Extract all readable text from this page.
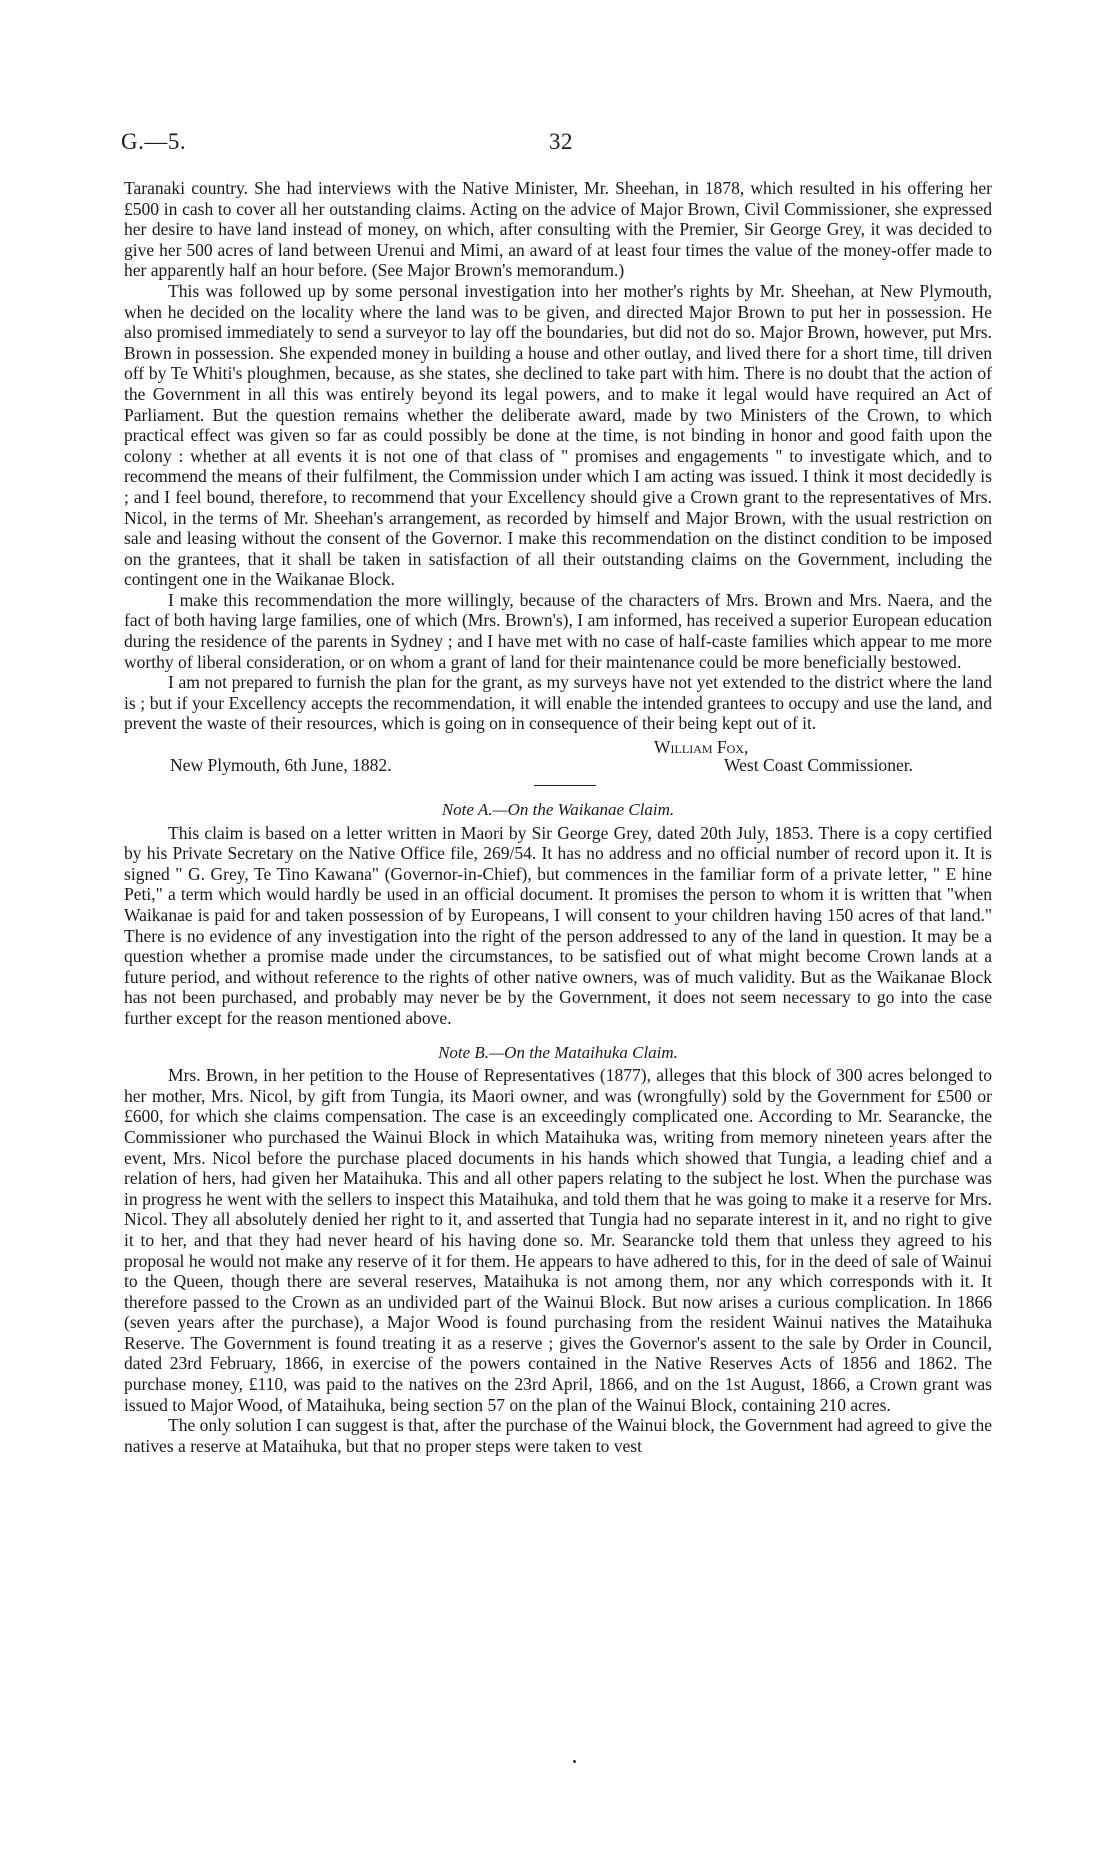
G.—5.	32

Taranaki country. She had interviews with the Native Minister, Mr. Sheehan, in 1878, which resulted in his offering her £500 in cash to cover all her outstanding claims. Acting on the advice of Major Brown, Civil Commissioner, she expressed her desire to have land instead of money, on which, after consulting with the Premier, Sir George Grey, it was decided to give her 500 acres of land between Urenui and Mimi, an award of at least four times the value of the money-offer made to her apparently half an hour before. (See Major Brown's memorandum.)

This was followed up by some personal investigation into her mother's rights by Mr. Sheehan, at New Plymouth, when he decided on the locality where the land was to be given, and directed Major Brown to put her in possession. He also promised immediately to send a surveyor to lay off the boundaries, but did not do so. Major Brown, however, put Mrs. Brown in possession. She expended money in building a house and other outlay, and lived there for a short time, till driven off by Te Whiti's ploughmen, because, as she states, she declined to take part with him. There is no doubt that the action of the Government in all this was entirely beyond its legal powers, and to make it legal would have required an Act of Parliament. But the question remains whether the deliberate award, made by two Ministers of the Crown, to which practical effect was given so far as could possibly be done at the time, is not binding in honor and good faith upon the colony : whether at all events it is not one of that class of " promises and engagements " to investigate which, and to recommend the means of their fulfilment, the Commission under which I am acting was issued. I think it most decidedly is ; and I feel bound, therefore, to recommend that your Excellency should give a Crown grant to the representatives of Mrs. Nicol, in the terms of Mr. Sheehan's arrangement, as recorded by himself and Major Brown, with the usual restriction on sale and leasing without the consent of the Governor. I make this recommendation on the distinct condition to be imposed on the grantees, that it shall be taken in satisfaction of all their outstanding claims on the Government, including the contingent one in the Waikanae Block.

I make this recommendation the more willingly, because of the characters of Mrs. Brown and Mrs. Naera, and the fact of both having large families, one of which (Mrs. Brown's), I am informed, has received a superior European education during the residence of the parents in Sydney ; and I have met with no case of half-caste families which appear to me more worthy of liberal consideration, or on whom a grant of land for their maintenance could be more beneficially bestowed.

I am not prepared to furnish the plan for the grant, as my surveys have not yet extended to the district where the land is ; but if your Excellency accepts the recommendation, it will enable the intended grantees to occupy and use the land, and prevent the waste of their resources, which is going on in consequence of their being kept out of it.

William Fox,
New Plymouth, 6th June, 1882.	West Coast Commissioner.
Note A.—On the Waikanae Claim.

This claim is based on a letter written in Maori by Sir George Grey, dated 20th July, 1853. There is a copy certified by his Private Secretary on the Native Office file, 269/54. It has no address and no official number of record upon it. It is signed " G. Grey, Te Tino Kawana" (Governor-in-Chief), but commences in the familiar form of a private letter, " E hine Peti," a term which would hardly be used in an official document. It promises the person to whom it is written that "when Waikanae is paid for and taken possession of by Europeans, I will consent to your children having 150 acres of that land." There is no evidence of any investigation into the right of the person addressed to any of the land in question. It may be a question whether a promise made under the circumstances, to be satisfied out of what might become Crown lands at a future period, and without reference to the rights of other native owners, was of much validity. But as the Waikanae Block has not been purchased, and probably may never be by the Government, it does not seem necessary to go into the case further except for the reason mentioned above.

Note B.—On the Mataihuka Claim.

Mrs. Brown, in her petition to the House of Representatives (1877), alleges that this block of 300 acres belonged to her mother, Mrs. Nicol, by gift from Tungia, its Maori owner, and was (wrongfully) sold by the Government for £500 or £600, for which she claims compensation. The case is an exceedingly complicated one. According to Mr. Searancke, the Commissioner who purchased the Wainui Block in which Mataihuka was, writing from memory nineteen years after the event, Mrs. Nicol before the purchase placed documents in his hands which showed that Tungia, a leading chief and a relation of hers, had given her Mataihuka. This and all other papers relating to the subject he lost. When the purchase was in progress he went with the sellers to inspect this Mataihuka, and told them that he was going to make it a reserve for Mrs. Nicol. They all absolutely denied her right to it, and asserted that Tungia had no separate interest in it, and no right to give it to her, and that they had never heard of his having done so. Mr. Searancke told them that unless they agreed to his proposal he would not make any reserve of it for them. He appears to have adhered to this, for in the deed of sale of Wainui to the Queen, though there are several reserves, Mataihuka is not among them, nor any which corresponds with it. It therefore passed to the Crown as an undivided part of the Wainui Block. But now arises a curious complication. In 1866 (seven years after the purchase), a Major Wood is found purchasing from the resident Wainui natives the Mataihuka Reserve. The Government is found treating it as a reserve ; gives the Governor's assent to the sale by Order in Council, dated 23rd February, 1866, in exercise of the powers contained in the Native Reserves Acts of 1856 and 1862. The purchase money, £110, was paid to the natives on the 23rd April, 1866, and on the 1st August, 1866, a Crown grant was issued to Major Wood, of Mataihuka, being section 57 on the plan of the Wainui Block, containing 210 acres.

The only solution I can suggest is that, after the purchase of the Wainui block, the Government had agreed to give the natives a reserve at Mataihuka, but that no proper steps were taken to vest
